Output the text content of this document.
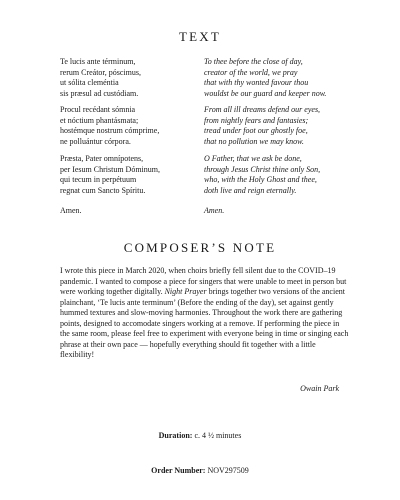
TEXT
Te lucis ante términum,
rerum Creátor, póscimus,
ut sólita cleméntia
sis præsul ad custódiam.
Procul recédant sómnia
et nóctium phantásmata;
hostémque nostrum cómprime,
ne polluántur córpora.
Præsta, Pater omnípotens,
per Iesum Christum Dóminum,
qui tecum in perpétuum
regnat cum Sancto Spíritu.
Amen.
To thee before the close of day,
creator of the world, we pray
that with thy wonted favour thou
wouldst be our guard and keeper now.
From all ill dreams defend our eyes,
from nightly fears and fantasies;
tread under foot our ghostly foe,
that no pollution we may know.
O Father, that we ask be done,
through Jesus Christ thine only Son,
who, with the Holy Ghost and thee,
doth live and reign eternally.
Amen.
COMPOSER’S NOTE

I wrote this piece in March 2020, when choirs briefly fell silent due to the COVID–19 pandemic. I wanted to compose a piece for singers that were unable to meet in person but were working together digitally. Night Prayer brings together two versions of the ancient plainchant, ‘Te lucis ante terminum’ (Before the ending of the day), set against gently hummed textures and slow-moving harmonies. Throughout the work there are gathering points, designed to accomodate singers working at a remove. If performing the piece in the same room, please feel free to experiment with everyone being in time or singing each phrase at their own pace — hopefully everything should fit together with a little flexibility!

Owain Park
Duration: c. 4 ½ minutes
Order Number: NOV297509
